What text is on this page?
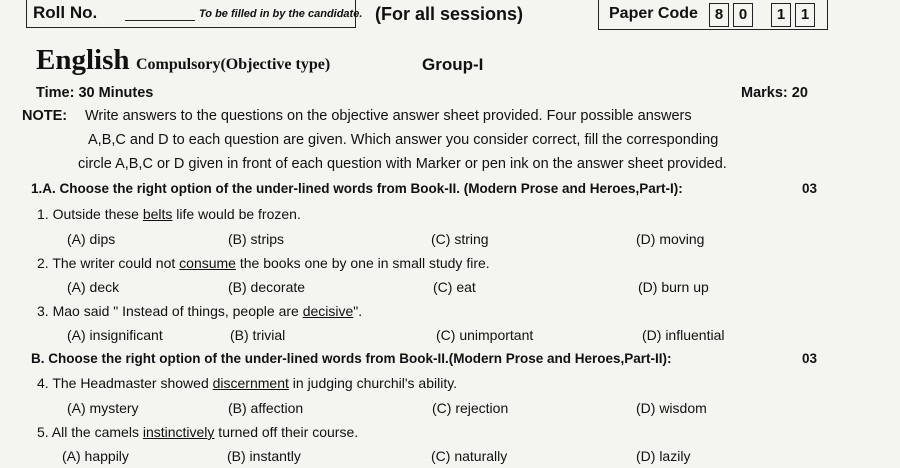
Roll No.	To be filled in by the candidate. (For all sessions)	Paper Code	8	0	1	1
English Compulsory(Objective type)	Group-I
Time: 30 Minutes	Marks: 20
NOTE: Write answers to the questions on the objective answer sheet provided. Four possible answers
A,B,C and D to each question are given. Which answer you consider correct, fill the corresponding
circle A,B,C or D given in front of each question with Marker or pen ink on the answer sheet provided.
1.A. Choose the right option of the under-lined words from Book-II. (Modern Prose and Heroes,Part-I):	03
1. Outside these belts life would be frozen.
(A) dips	(B) strips	(C) string	(D) moving
2. The writer could not consume the books one by one in small study fire.
(A) deck	(B) decorate	(C) eat	(D) burn up
3. Mao said " Instead of things, people are decisive".
(A) insignificant	(B) trivial	(C) unimportant	(D) influential
B. Choose the right option of the under-lined words from Book-II.(Modern Prose and Heroes,Part-II):	03
4. The Headmaster showed discernment in judging churchil's ability.
(A) mystery	(B) affection	(C) rejection	(D) wisdom
5. All the camels instinctively turned off their course.
(A) happily	(B) instantly	(C) naturally	(D) lazily
